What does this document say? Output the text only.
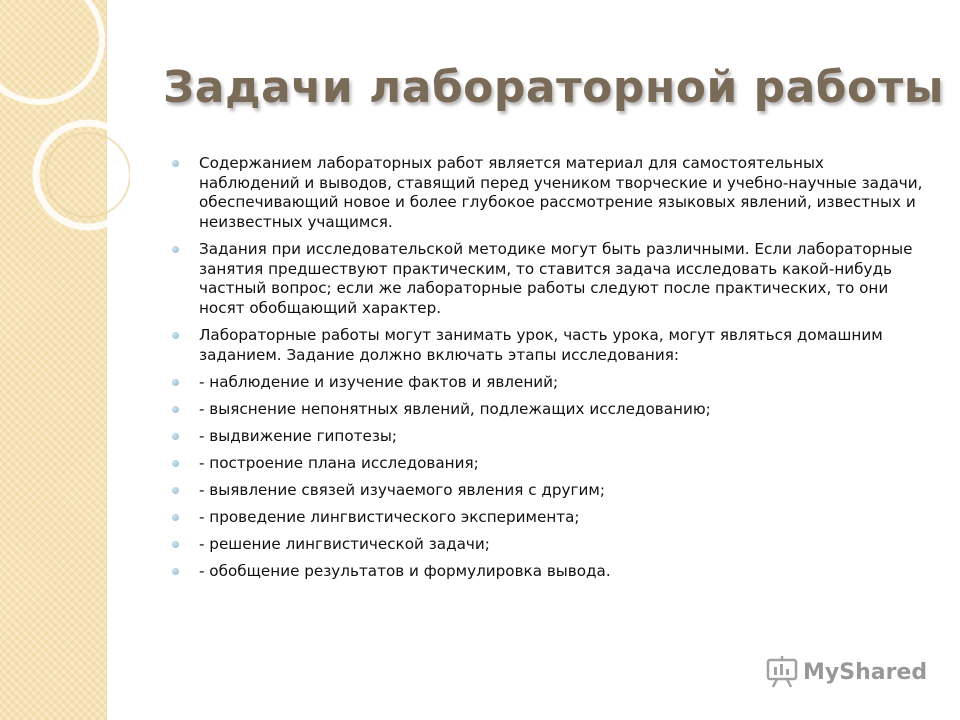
Задачи лабораторной работы
Содержанием лабораторных работ является материал для самостоятельных наблюдений и выводов, ставящий перед учеником творческие и учебно-научные задачи, обеспечивающий новое и более глубокое рассмотрение языковых явлений, известных и неизвестных учащимся.
Задания при исследовательской методике могут быть различными. Если лабораторные занятия предшествуют практическим, то ставится задача исследовать какой-нибудь частный вопрос; если же лабораторные работы следуют после практических, то они носят обобщающий характер.
Лабораторные работы могут занимать урок, часть урока, могут являться домашним заданием. Задание должно включать этапы исследования:
- наблюдение и изучение фактов и явлений;
- выяснение непонятных явлений, подлежащих исследованию;
- выдвижение гипотезы;
- построение плана исследования;
- выявление связей изучаемого явления с другим;
- проведение лингвистического эксперимента;
- решение лингвистической задачи;
- обобщение результатов и формулировка вывода.
MyShared
